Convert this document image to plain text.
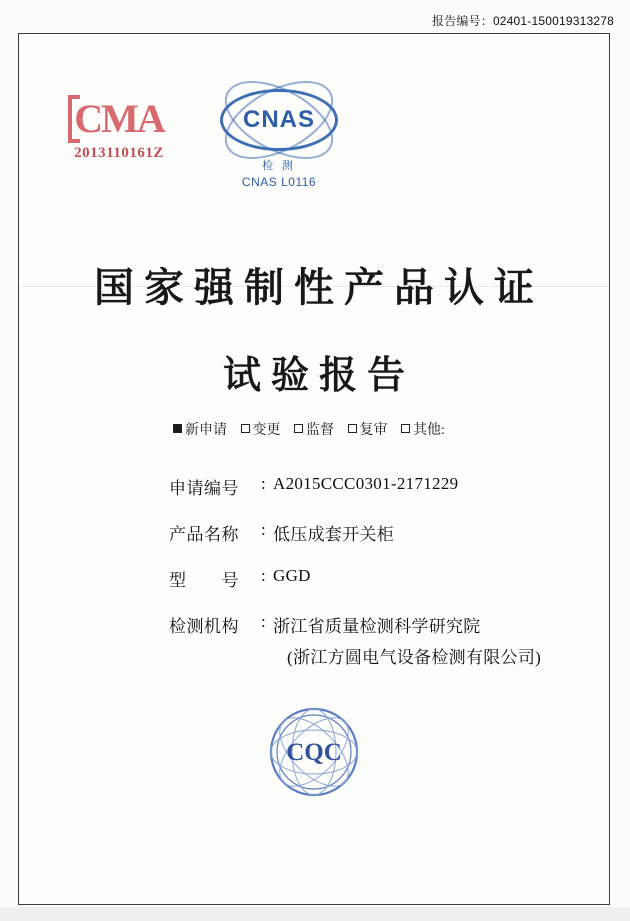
报告编号：02401-150019313278
CMA
2013110161Z
CNAS
检 测
CNAS L0116
国家强制性产品认证
试验报告
新申请 变更 监督 复审 其他:
申请编号	: A2015CCC0301-2171229
产品名称	: 低压成套开关柜
型　　号	: GGD
检测机构	: 浙江省质量检测科学研究院
(浙江方圆电气设备检测有限公司)
CQC
